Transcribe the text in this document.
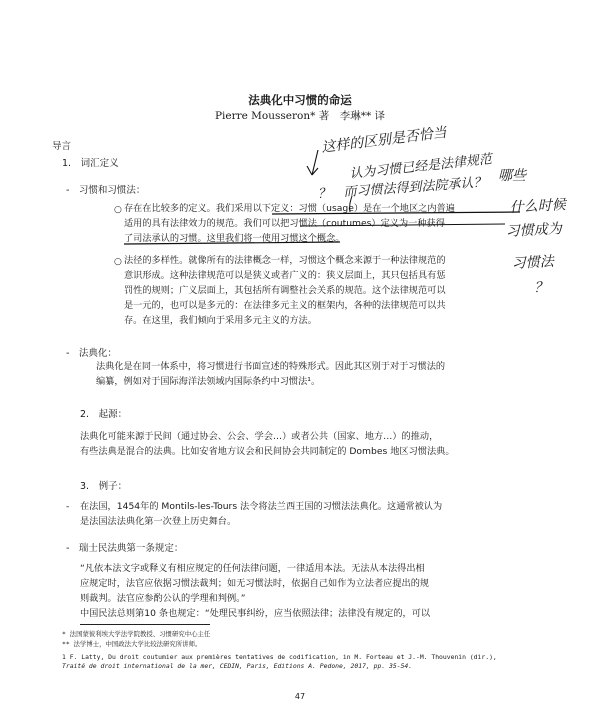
法典化中习惯的命运
Pierre Mousseron* 著　李琳** 译
导言
1.　词汇定义
-　习惯和习惯法：
○ 存在在比较多的定义。我们采用以下定义：习惯（usage）是在一个地区之内普遍
适用的具有法律效力的规范。我们可以把习惯法（coutumes）定义为一种获得
了司法承认的习惯。这里我们将一使用习惯这个概念。
○ 法径的多样性。就像所有的法律概念一样，习惯这个概念来源于一种法律规范的
意识形成。这种法律规范可以是狭义或者广义的：狭义层面上，其只包括具有惩
罚性的规则；广义层面上，其包括所有调整社会关系的规范。这个法律规范可以
是一元的，也可以是多元的：在法律多元主义的框架内，各种的法律规范可以共
存。在这里，我们倾向于采用多元主义的方法。
-　法典化：
法典化是在同一体系中，将习惯进行书面宣述的特殊形式。因此其区别于对于习惯法的
编纂，例如对于国际海洋法领域内国际条约中习惯法¹。
2.　起源：
法典化可能来源于民间（通过协会、公会、学会…）或者公共（国家、地方…）的推动，
有些法典是混合的法典。比如安省地方议会和民间协会共同制定的 Dombes 地区习惯法典。
3.　例子：
- 在法国，1454年的 Montils-les-Tours 法令将法兰西王国的习惯法法典化。这通常被认为
是法国法法典化第一次登上历史舞台。
-　瑞士民法典第一条规定：
“凡依本法文字或释义有相应规定的任何法律问题，一律适用本法。无法从本法得出相
应规定时，法官应依据习惯法裁判；如无习惯法时，依据自己如作为立法者应提出的规
则裁判。法官应参酌公认的学理和判例。”
中国民法总则第10 条也规定：“处理民事纠纷，应当依照法律；法律没有规定的，可以
* 法国蒙彼利埃大学法学院教授、习惯研究中心主任
** 法学博士，中国政法大学比较法研究所讲师。
1 F. Latty, Du droit coutumier aux premières tentatives de codification, in M. Forteau et J.-M. Thouvenin (dir.),
Traité de droit international de la mer, CEDIN, Paris, Editions A. Pedone, 2017, pp. 35-54.
47
这样的区别是否恰当
认为习惯已经是法律规范
？　而习惯法得到法院承认？ 哪些
什么时候
习惯成为
习惯法
？
